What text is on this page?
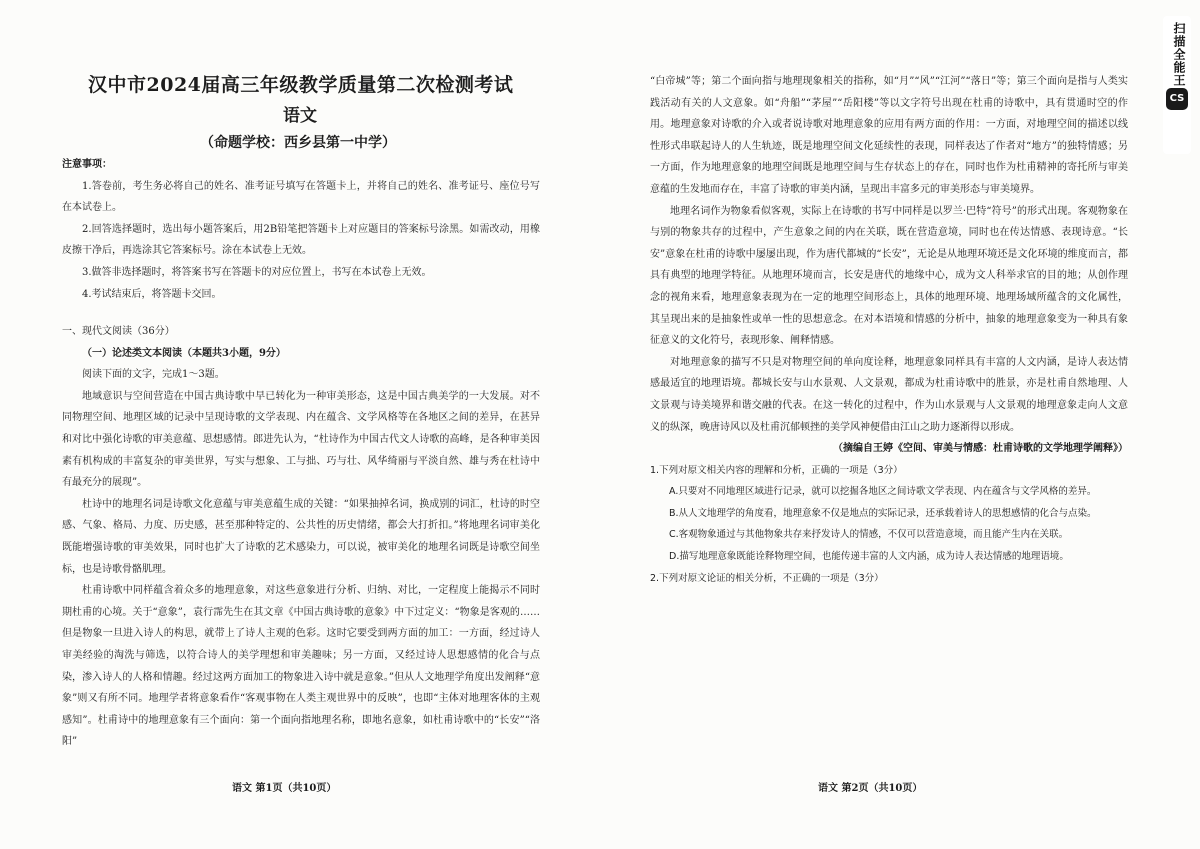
汉中市2024届高三年级教学质量第二次检测考试
语文
（命题学校：西乡县第一中学）

注意事项：

1.答卷前，考生务必将自己的姓名、准考证号填写在答题卡上，并将自己的姓名、准考证号、座位号写在本试卷上。

2.回答选择题时，选出每小题答案后，用2B铅笔把答题卡上对应题目的答案标号涂黑。如需改动，用橡皮擦干净后，再选涂其它答案标号。涂在本试卷上无效。

3.做答非选择题时，将答案书写在答题卡的对应位置上，书写在本试卷上无效。

4.考试结束后，将答题卡交回。

一、现代文阅读（36分）

（一）论述类文本阅读（本题共3小题，9分）

阅读下面的文字，完成1～3题。

地域意识与空间营造在中国古典诗歌中早已转化为一种审美形态，这是中国古典美学的一大发展。对不同物理空间、地理区域的记录中呈现诗歌的文学表现、内在蕴含、文学风格等在各地区之间的差异，在甚异和对比中强化诗歌的审美意蕴、思想感情。郎进先认为，“杜诗作为中国古代文人诗歌的高峰，是各种审美因素有机构成的丰富复杂的审美世界，写实与想象、工与拙、巧与壮、风华绮丽与平淡自然、雄与秀在杜诗中有最充分的展现”。

杜诗中的地理名词是诗歌文化意蕴与审美意蕴生成的关键：“如果抽掉名词，换成别的词汇，杜诗的时空感、气象、格局、力度、历史感，甚至那种特定的、公共性的历史情绪，都会大打折扣。”将地理名词审美化既能增强诗歌的审美效果，同时也扩大了诗歌的艺术感染力，可以说，被审美化的地理名词既是诗歌空间坐标，也是诗歌骨骼肌理。

杜甫诗歌中同样蕴含着众多的地理意象，对这些意象进行分析、归纳、对比，一定程度上能揭示不同时期杜甫的心境。关于“意象”，袁行霈先生在其文章《中国古典诗歌的意象》中下过定义：“物象是客观的……但是物象一旦进入诗人的构思，就带上了诗人主观的色彩。这时它要受到两方面的加工：一方面，经过诗人审美经验的淘洗与筛选，以符合诗人的美学理想和审美趣味；另一方面，又经过诗人思想感情的化合与点染，渗入诗人的人格和情趣。经过这两方面加工的物象进入诗中就是意象。”但从人文地理学角度出发阐释“意象”则又有所不同。地理学者将意象看作“客观事物在人类主观世界中的反映”，也即“主体对地理客体的主观感知”。杜甫诗中的地理意象有三个面向：第一个面向指地理名称，即地名意象，如杜甫诗歌中的“长安”“洛阳”

语文 第1页（共10页）

“白帝城”等；第二个面向指与地理现象相关的指称，如“月”“风”“江河”“落日”等；第三个面向是指与人类实践活动有关的人文意象。如“舟船”“茅屋”“岳阳楼”等以文字符号出现在杜甫的诗歌中，具有贯通时空的作用。地理意象对诗歌的介入或者说诗歌对地理意象的应用有两方面的作用：一方面，对地理空间的描述以线性形式串联起诗人的人生轨迹，既是地理空间文化延续性的表现，同样表达了作者对“地方”的独特情感；另一方面，作为地理意象的地理空间既是地理空间与生存状态上的存在，同时也作为杜甫精神的寄托所与审美意蕴的生发地而存在，丰富了诗歌的审美内涵，呈现出丰富多元的审美形态与审美境界。

地理名词作为物象看似客观，实际上在诗歌的书写中同样是以罗兰·巴特“符号”的形式出现。客观物象在与别的物象共存的过程中，产生意象之间的内在关联，既在营造意境，同时也在传达情感、表现诗意。“长安”意象在杜甫的诗歌中屡屡出现，作为唐代都城的“长安”，无论是从地理环境还是文化环境的维度而言，都具有典型的地理学特征。从地理环境而言，长安是唐代的地缘中心，成为文人科举求官的目的地；从创作理念的视角来看，地理意象表现为在一定的地理空间形态上，具体的地理环境、地理场域所蕴含的文化属性，其呈现出来的是抽象性或单一性的思想意念。在对本语境和情感的分析中，抽象的地理意象变为一种具有象征意义的文化符号，表现形象、阐释情感。

对地理意象的描写不只是对物理空间的单向度诠释，地理意象同样具有丰富的人文内涵，是诗人表达情感最适宜的地理语境。都城长安与山水景观、人文景观，都成为杜甫诗歌中的胜景，亦是杜甫自然地理、人文景观与诗美境界和谐交融的代表。在这一转化的过程中，作为山水景观与人文景观的地理意象走向人文意义的纵深，晚唐诗风以及杜甫沉郁顿挫的美学风神便借由江山之助力逐渐得以形成。

（摘编自王婷《空间、审美与情感：杜甫诗歌的文学地理学阐释》）

1.下列对原文相关内容的理解和分析，正确的一项是（3分）

A.只要对不同地理区域进行记录，就可以挖掘各地区之间诗歌文学表现、内在蕴含与文学风格的差异。

B.从人文地理学的角度看，地理意象不仅是地点的实际记录，还承载着诗人的思想感情的化合与点染。

C.客观物象通过与其他物象共存来抒发诗人的情感，不仅可以营造意境，而且能产生内在关联。

D.描写地理意象既能诠释物理空间，也能传递丰富的人文内涵，成为诗人表达情感的地理语境。

2.下列对原文论证的相关分析，不正确的一项是（3分）

语文 第2页（共10页）
扫描全能王
CS
